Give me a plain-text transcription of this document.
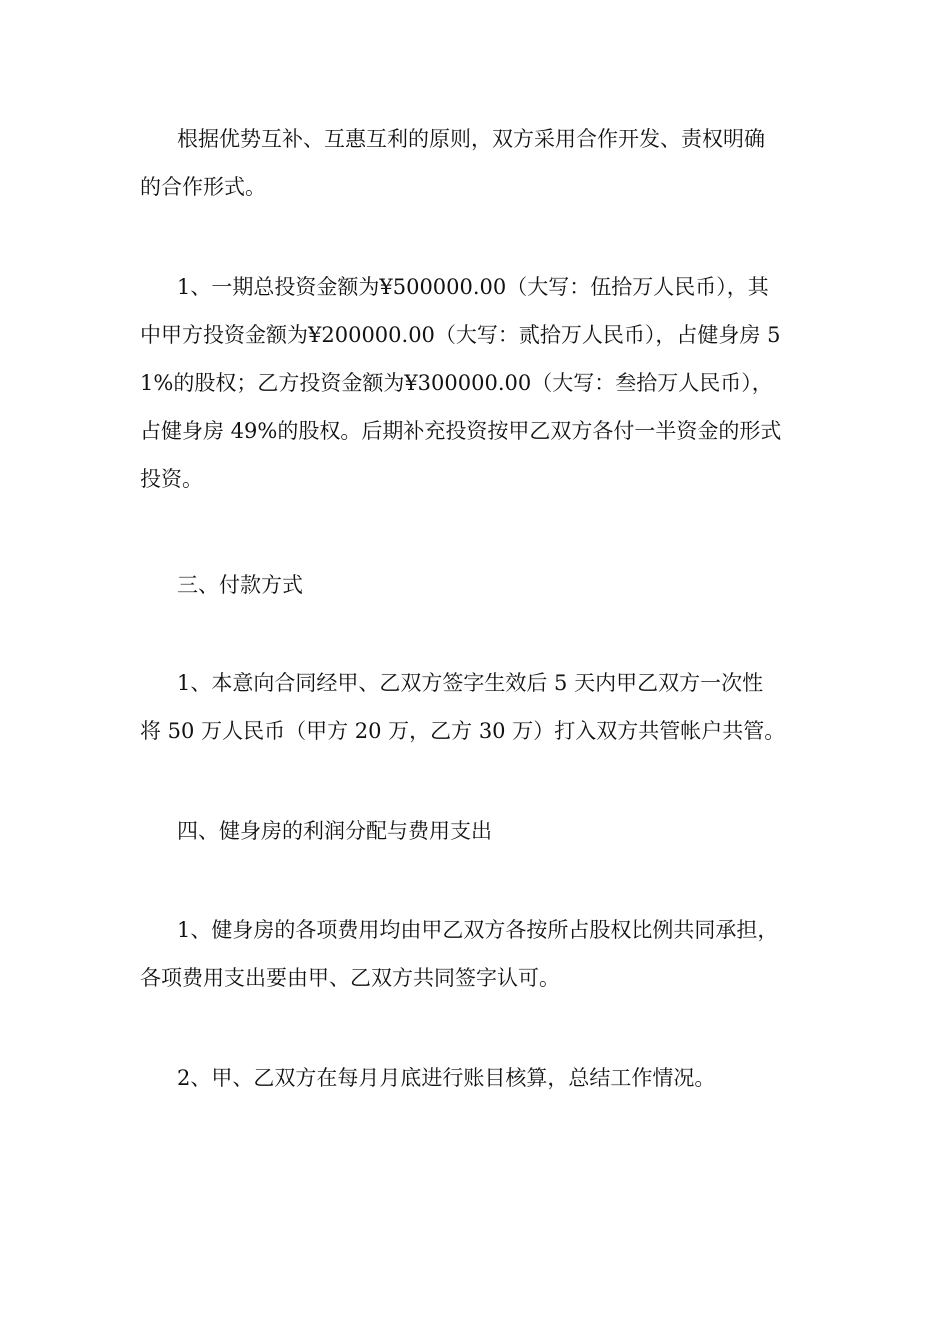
根据优势互补、互惠互利的原则，双方采用合作开发、责权明确
的合作形式。
1、一期总投资金额为¥500000.00（大写：伍拾万人民币），其
中甲方投资金额为¥200000.00（大写：贰拾万人民币），占健身房 5
1%的股权；乙方投资金额为¥300000.00（大写：叁拾万人民币），
占健身房 49%的股权。后期补充投资按甲乙双方各付一半资金的形式
投资。
三、付款方式
1、本意向合同经甲、乙双方签字生效后 5 天内甲乙双方一次性
将 50 万人民币（甲方 20 万，乙方 30 万）打入双方共管帐户共管。
四、健身房的利润分配与费用支出
1、健身房的各项费用均由甲乙双方各按所占股权比例共同承担，
各项费用支出要由甲、乙双方共同签字认可。
2、甲、乙双方在每月月底进行账目核算，总结工作情况。
